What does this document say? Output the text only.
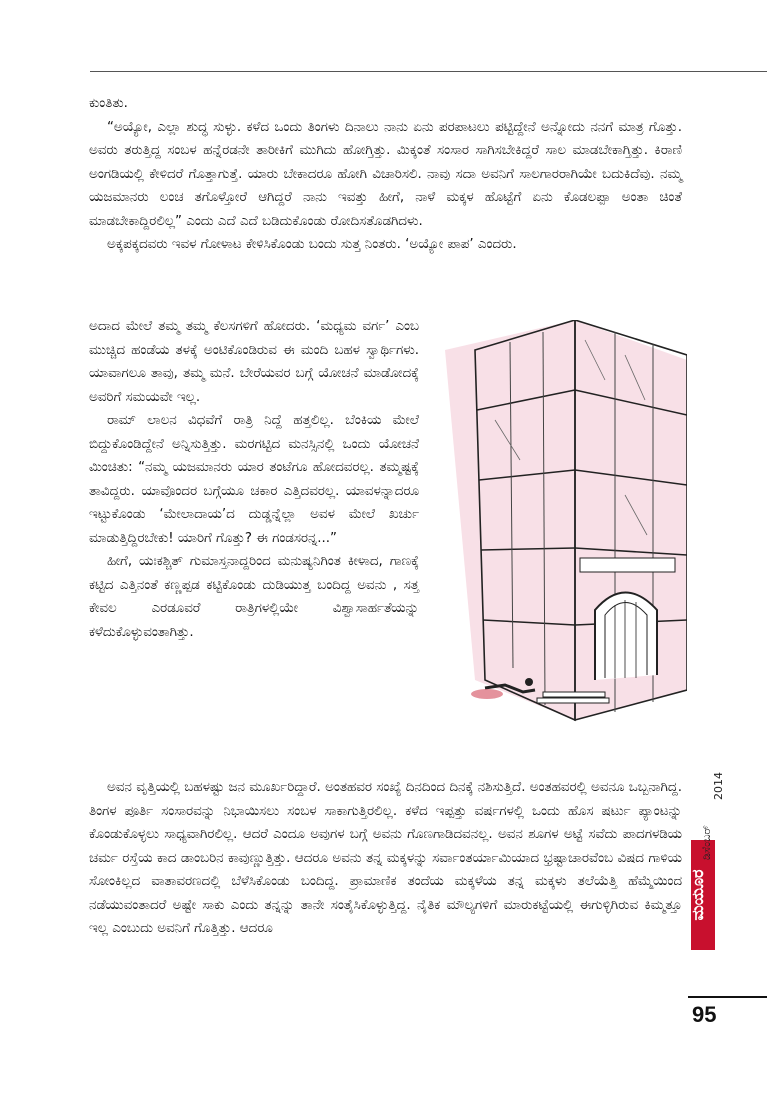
ಕುಂತಿತು.

“ಅಯ್ಯೋ, ಎಲ್ಲಾ ಶುದ್ಧ ಸುಳ್ಳು. ಕಳೆದ ಒಂದು ತಿಂಗಳು ದಿನಾಲು ನಾನು ಏನು ಪರಪಾಟಲು ಪಟ್ಟಿದ್ದೇನೆ ಅನ್ನೋದು ನನಗೆ ಮಾತ್ರ ಗೊತ್ತು. ಅವರು ತರುತ್ತಿದ್ದ ಸಂಬಳ ಹನ್ನೆರಡನೇ ತಾರೀಕಿಗೆ ಮುಗಿದು ಹೋಗ್ತಿತ್ತು. ಮಿಕ್ಕಂತೆ ಸಂಸಾರ ಸಾಗಿಸಬೇಕಿದ್ದರೆ ಸಾಲ ಮಾಡಬೇಕಾಗ್ತಿತ್ತು. ಕಿರಾಣಿ ಅಂಗಡಿಯಲ್ಲಿ ಕೇಳಿದರೆ ಗೊತ್ತಾಗುತ್ತೆ. ಯಾರು ಬೇಕಾದರೂ ಹೋಗಿ ವಿಚಾರಿಸಲಿ. ನಾವು ಸದಾ ಅವನಿಗೆ ಸಾಲಗಾರರಾಗಿಯೇ ಬದುಕಿದೆವು. ನಮ್ಮ ಯಜಮಾನರು ಲಂಚ ತಗೊಳ್ತೋರೆ ಆಗಿದ್ದರೆ ನಾನು ಇವತ್ತು ಹೀಗೆ, ನಾಳೆ ಮಕ್ಕಳ ಹೊಟ್ಟೆಗೆ ಏನು ಕೊಡಲಪ್ಪಾ ಅಂತಾ ಚಿಂತೆ ಮಾಡಬೇಕಾದ್ದಿರಲಿಲ್ಲ” ಎಂದು ಎದೆ ಎದೆ ಬಡಿದುಕೊಂಡು ರೋದಿಸತೊಡಗಿದಳು.

ಅಕ್ಕಪಕ್ಕದವರು ಇವಳ ಗೋಳಾಟ ಕೇಳಿಸಿಕೊಂಡು ಬಂದು ಸುತ್ತ ನಿಂತರು. ‘ಅಯ್ಯೋ ಪಾಪ’ ಎಂದರು.

ಅದಾದ ಮೇಲೆ ತಮ್ಮ ತಮ್ಮ ಕೆಲಸಗಳಿಗೆ ಹೋದರು. ‘ಮಧ್ಯಮ ವರ್ಗ’ ಎಂಬ ಮುಚ್ಚಿದ ಹಂಡೆಯ ತಳಕ್ಕೆ ಅಂಟಿಕೊಂಡಿರುವ ಈ ಮಂದಿ ಬಹಳ ಸ್ವಾರ್ಥಿಗಳು. ಯಾವಾಗಲೂ ತಾವು, ತಮ್ಮ ಮನೆ. ಬೇರೆಯವರ ಬಗ್ಗೆ ಯೋಚನೆ ಮಾಡೋದಕ್ಕೆ ಅವರಿಗೆ ಸಮಯವೇ ಇಲ್ಲ.

ರಾಮ್ ಲಾಲನ ವಿಧವೆಗೆ ರಾತ್ರಿ ನಿದ್ದೆ ಹತ್ತಲಿಲ್ಲ. ಬೆಂಕಿಯ ಮೇಲೆ ಬಿದ್ದುಕೊಂಡಿದ್ದೇನೆ ಅನ್ನಿಸುತ್ತಿತ್ತು. ಮರಗಟ್ಟಿದ ಮನಸ್ಸಿನಲ್ಲಿ ಒಂದು ಯೋಚನೆ ಮಿಂಚಿತು: “ನಮ್ಮ ಯಜಮಾನರು ಯಾರ ತಂಟೆಗೂ ಹೋದವರಲ್ಲ. ತಮ್ಮಷ್ಟಕ್ಕೆ ತಾವಿದ್ದರು. ಯಾವೊಂದರ ಬಗ್ಗೆಯೂ ಚಕಾರ ಎತ್ತಿದವರಲ್ಲ. ಯಾವಳನ್ನಾದರೂ ಇಟ್ಟುಕೊಂಡು ‘ಮೇಲಾದಾಯ’ದ ದುಡ್ಡನ್ನೆಲ್ಲಾ ಅವಳ ಮೇಲೆ ಖರ್ಚು ಮಾಡುತ್ತಿದ್ದಿರಬೇಕು! ಯಾರಿಗೆ ಗೊತ್ತು? ಈ ಗಂಡಸರನ್ನ...”

ಹೀಗೆ, ಯಃಕಶ್ಚಿತ್ ಗುಮಾಸ್ತನಾದ್ದರಿಂದ ಮನುಷ್ಯನಿಗಿಂತ ಕೀಳಾದ, ಗಾಣಕ್ಕೆ ಕಟ್ಟಿದ ಎತ್ತಿನಂತೆ ಕಣ್ಣಪ್ಪಡ ಕಟ್ಟಿಕೊಂಡು ದುಡಿಯುತ್ತ ಬಂದಿದ್ದ ಅವನು , ಸತ್ತ ಕೇವಲ ಎರಡೂವರೆ ರಾತ್ರಿಗಳಲ್ಲಿಯೇ ವಿಶ್ವಾಸಾರ್ಹತೆಯನ್ನು ಕಳೆದುಕೊಳ್ಳುವಂತಾಗಿತ್ತು.

ಅವನ ವೃತ್ತಿಯಲ್ಲಿ ಬಹಳಷ್ಟು ಜನ ಮೂರ್ಖರಿದ್ದಾರೆ. ಅಂತಹವರ ಸಂಖ್ಯೆ ದಿನದಿಂದ ದಿನಕ್ಕೆ ನಶಿಸುತ್ತಿದೆ. ಅಂತಹವರಲ್ಲಿ ಅವನೂ ಒಬ್ಬನಾಗಿದ್ದ. ತಿಂಗಳ ಪೂರ್ತಿ ಸಂಸಾರವನ್ನು ನಿಭಾಯಿಸಲು ಸಂಬಳ ಸಾಕಾಗುತ್ತಿರಲಿಲ್ಲ. ಕಳೆದ ಇಪ್ಪತ್ತು ವರ್ಷಗಳಲ್ಲಿ ಒಂದು ಹೊಸ ಷರ್ಟು ಪ್ಯಾಂಟನ್ನು ಕೊಂಡುಕೊಳ್ಳಲು ಸಾಧ್ಯವಾಗಿರಲಿಲ್ಲ. ಆದರೆ ಎಂದೂ ಅವುಗಳ ಬಗ್ಗೆ ಅವನು ಗೊಣಗಾಡಿದವನಲ್ಲ. ಅವನ ಶೂಗಳ ಅಟ್ಟೆ ಸವೆದು ಪಾದಗಳಡಿಯ ಚರ್ಮ ರಸ್ತೆಯ ಕಾದ ಡಾಂಬರಿನ ಕಾವುಣ್ಣುತ್ತಿತ್ತು. ಆದರೂ ಅವನು ತನ್ನ ಮಕ್ಕಳನ್ನು ಸರ್ವಾಂತರ್ಯಾಮಿಯಾದ ಭ್ರಷ್ಟಾಚಾರವೆಂಬ ವಿಷದ ಗಾಳಿಯ ಸೋಂಕಿಲ್ಲದ ವಾತಾವರಣದಲ್ಲಿ ಬೆಳೆಸಿಕೊಂಡು ಬಂದಿದ್ದ. ಪ್ರಾಮಾಣಿಕ ತಂದೆಯ ಮಕ್ಕಳೆಯ ತನ್ನ ಮಕ್ಕಳು ತಲೆಯೆತ್ತಿ ಹೆಮ್ಮೆಯಿಂದ ನಡೆಯುವಂತಾದರೆ ಅಷ್ಟೇ ಸಾಕು ಎಂದು ತನ್ನನ್ನು ತಾನೇ ಸಂತೈಸಿಕೊಳ್ಳುತ್ತಿದ್ದ. ನೈತಿಕ ಮೌಲ್ಯಗಳಿಗೆ ಮಾರುಕಟ್ಟೆಯಲ್ಲಿ ಈಗುಳ್ಳಿಗಿರುವ ಕಿಮ್ಮತ್ತೂ ಇಲ್ಲ ಎಂಬುದು ಅವನಿಗೆ ಗೊತ್ತಿತ್ತು. ಆದರೂ

ಮಯೂರ
2014
ಡಿಸೆಂಬರ್
95
